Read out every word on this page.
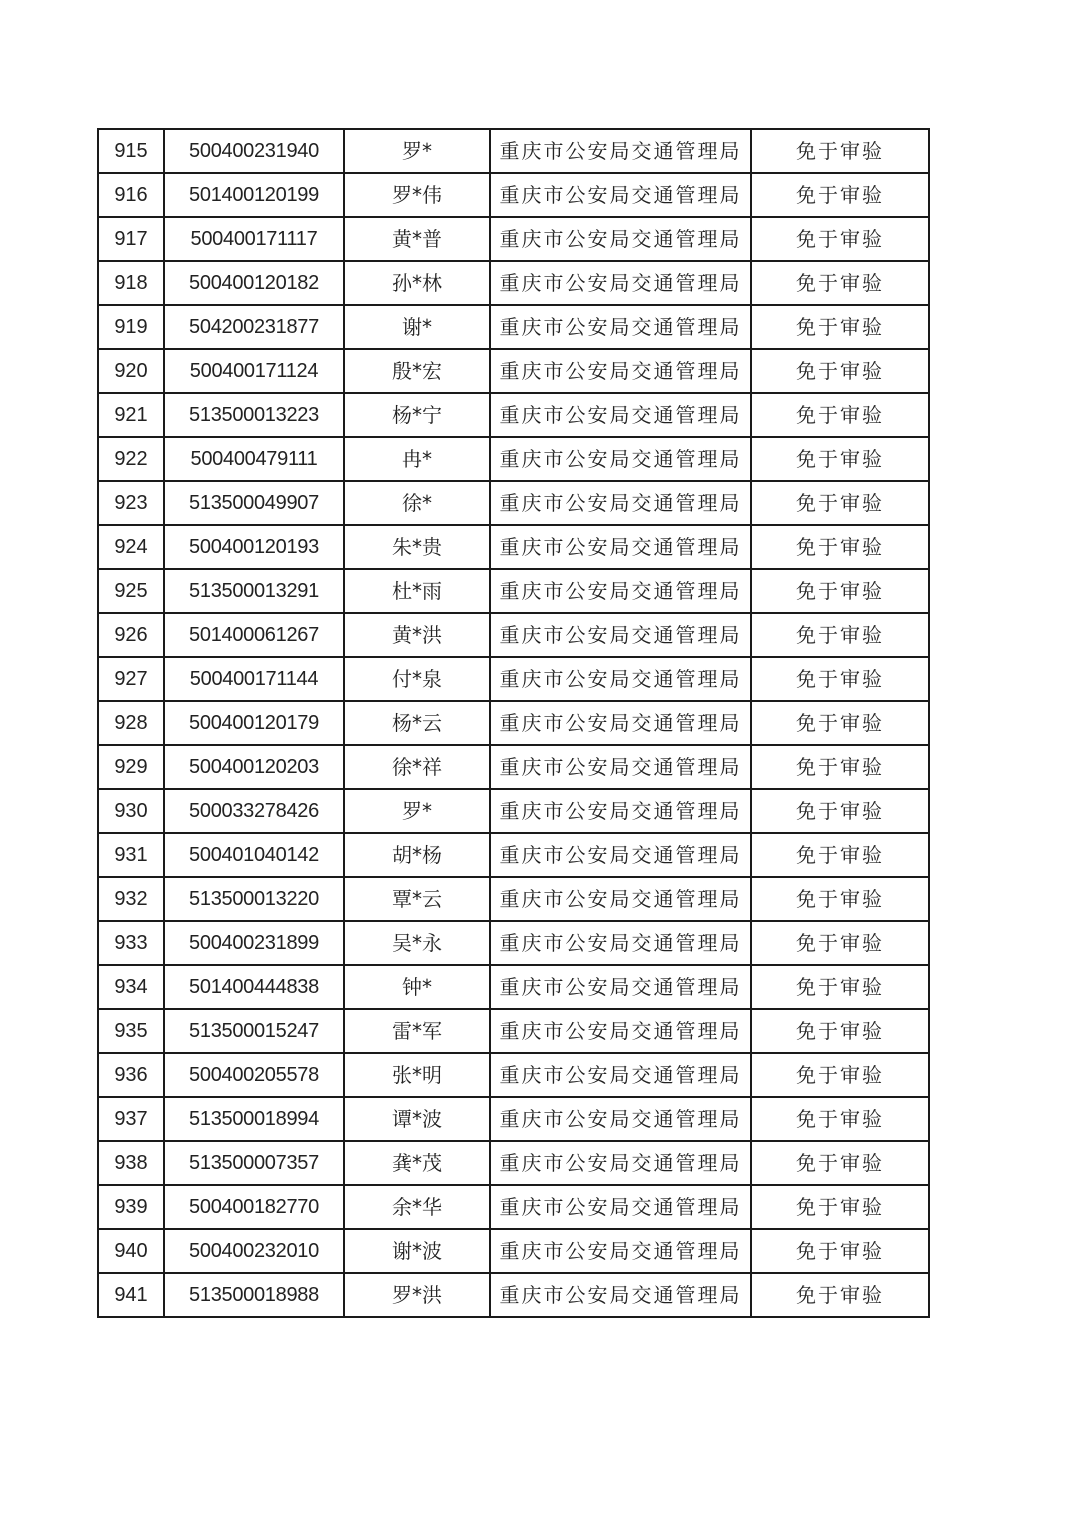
915	500400231940	罗*	重庆市公安局交通管理局	免于审验
916	501400120199	罗*伟	重庆市公安局交通管理局	免于审验
917	500400171117	黄*普	重庆市公安局交通管理局	免于审验
918	500400120182	孙*林	重庆市公安局交通管理局	免于审验
919	504200231877	谢*	重庆市公安局交通管理局	免于审验
920	500400171124	殷*宏	重庆市公安局交通管理局	免于审验
921	513500013223	杨*宁	重庆市公安局交通管理局	免于审验
922	500400479111	冉*	重庆市公安局交通管理局	免于审验
923	513500049907	徐*	重庆市公安局交通管理局	免于审验
924	500400120193	朱*贵	重庆市公安局交通管理局	免于审验
925	513500013291	杜*雨	重庆市公安局交通管理局	免于审验
926	501400061267	黄*洪	重庆市公安局交通管理局	免于审验
927	500400171144	付*泉	重庆市公安局交通管理局	免于审验
928	500400120179	杨*云	重庆市公安局交通管理局	免于审验
929	500400120203	徐*祥	重庆市公安局交通管理局	免于审验
930	500033278426	罗*	重庆市公安局交通管理局	免于审验
931	500401040142	胡*杨	重庆市公安局交通管理局	免于审验
932	513500013220	覃*云	重庆市公安局交通管理局	免于审验
933	500400231899	吴*永	重庆市公安局交通管理局	免于审验
934	501400444838	钟*	重庆市公安局交通管理局	免于审验
935	513500015247	雷*军	重庆市公安局交通管理局	免于审验
936	500400205578	张*明	重庆市公安局交通管理局	免于审验
937	513500018994	谭*波	重庆市公安局交通管理局	免于审验
938	513500007357	龚*茂	重庆市公安局交通管理局	免于审验
939	500400182770	余*华	重庆市公安局交通管理局	免于审验
940	500400232010	谢*波	重庆市公安局交通管理局	免于审验
941	513500018988	罗*洪	重庆市公安局交通管理局	免于审验
